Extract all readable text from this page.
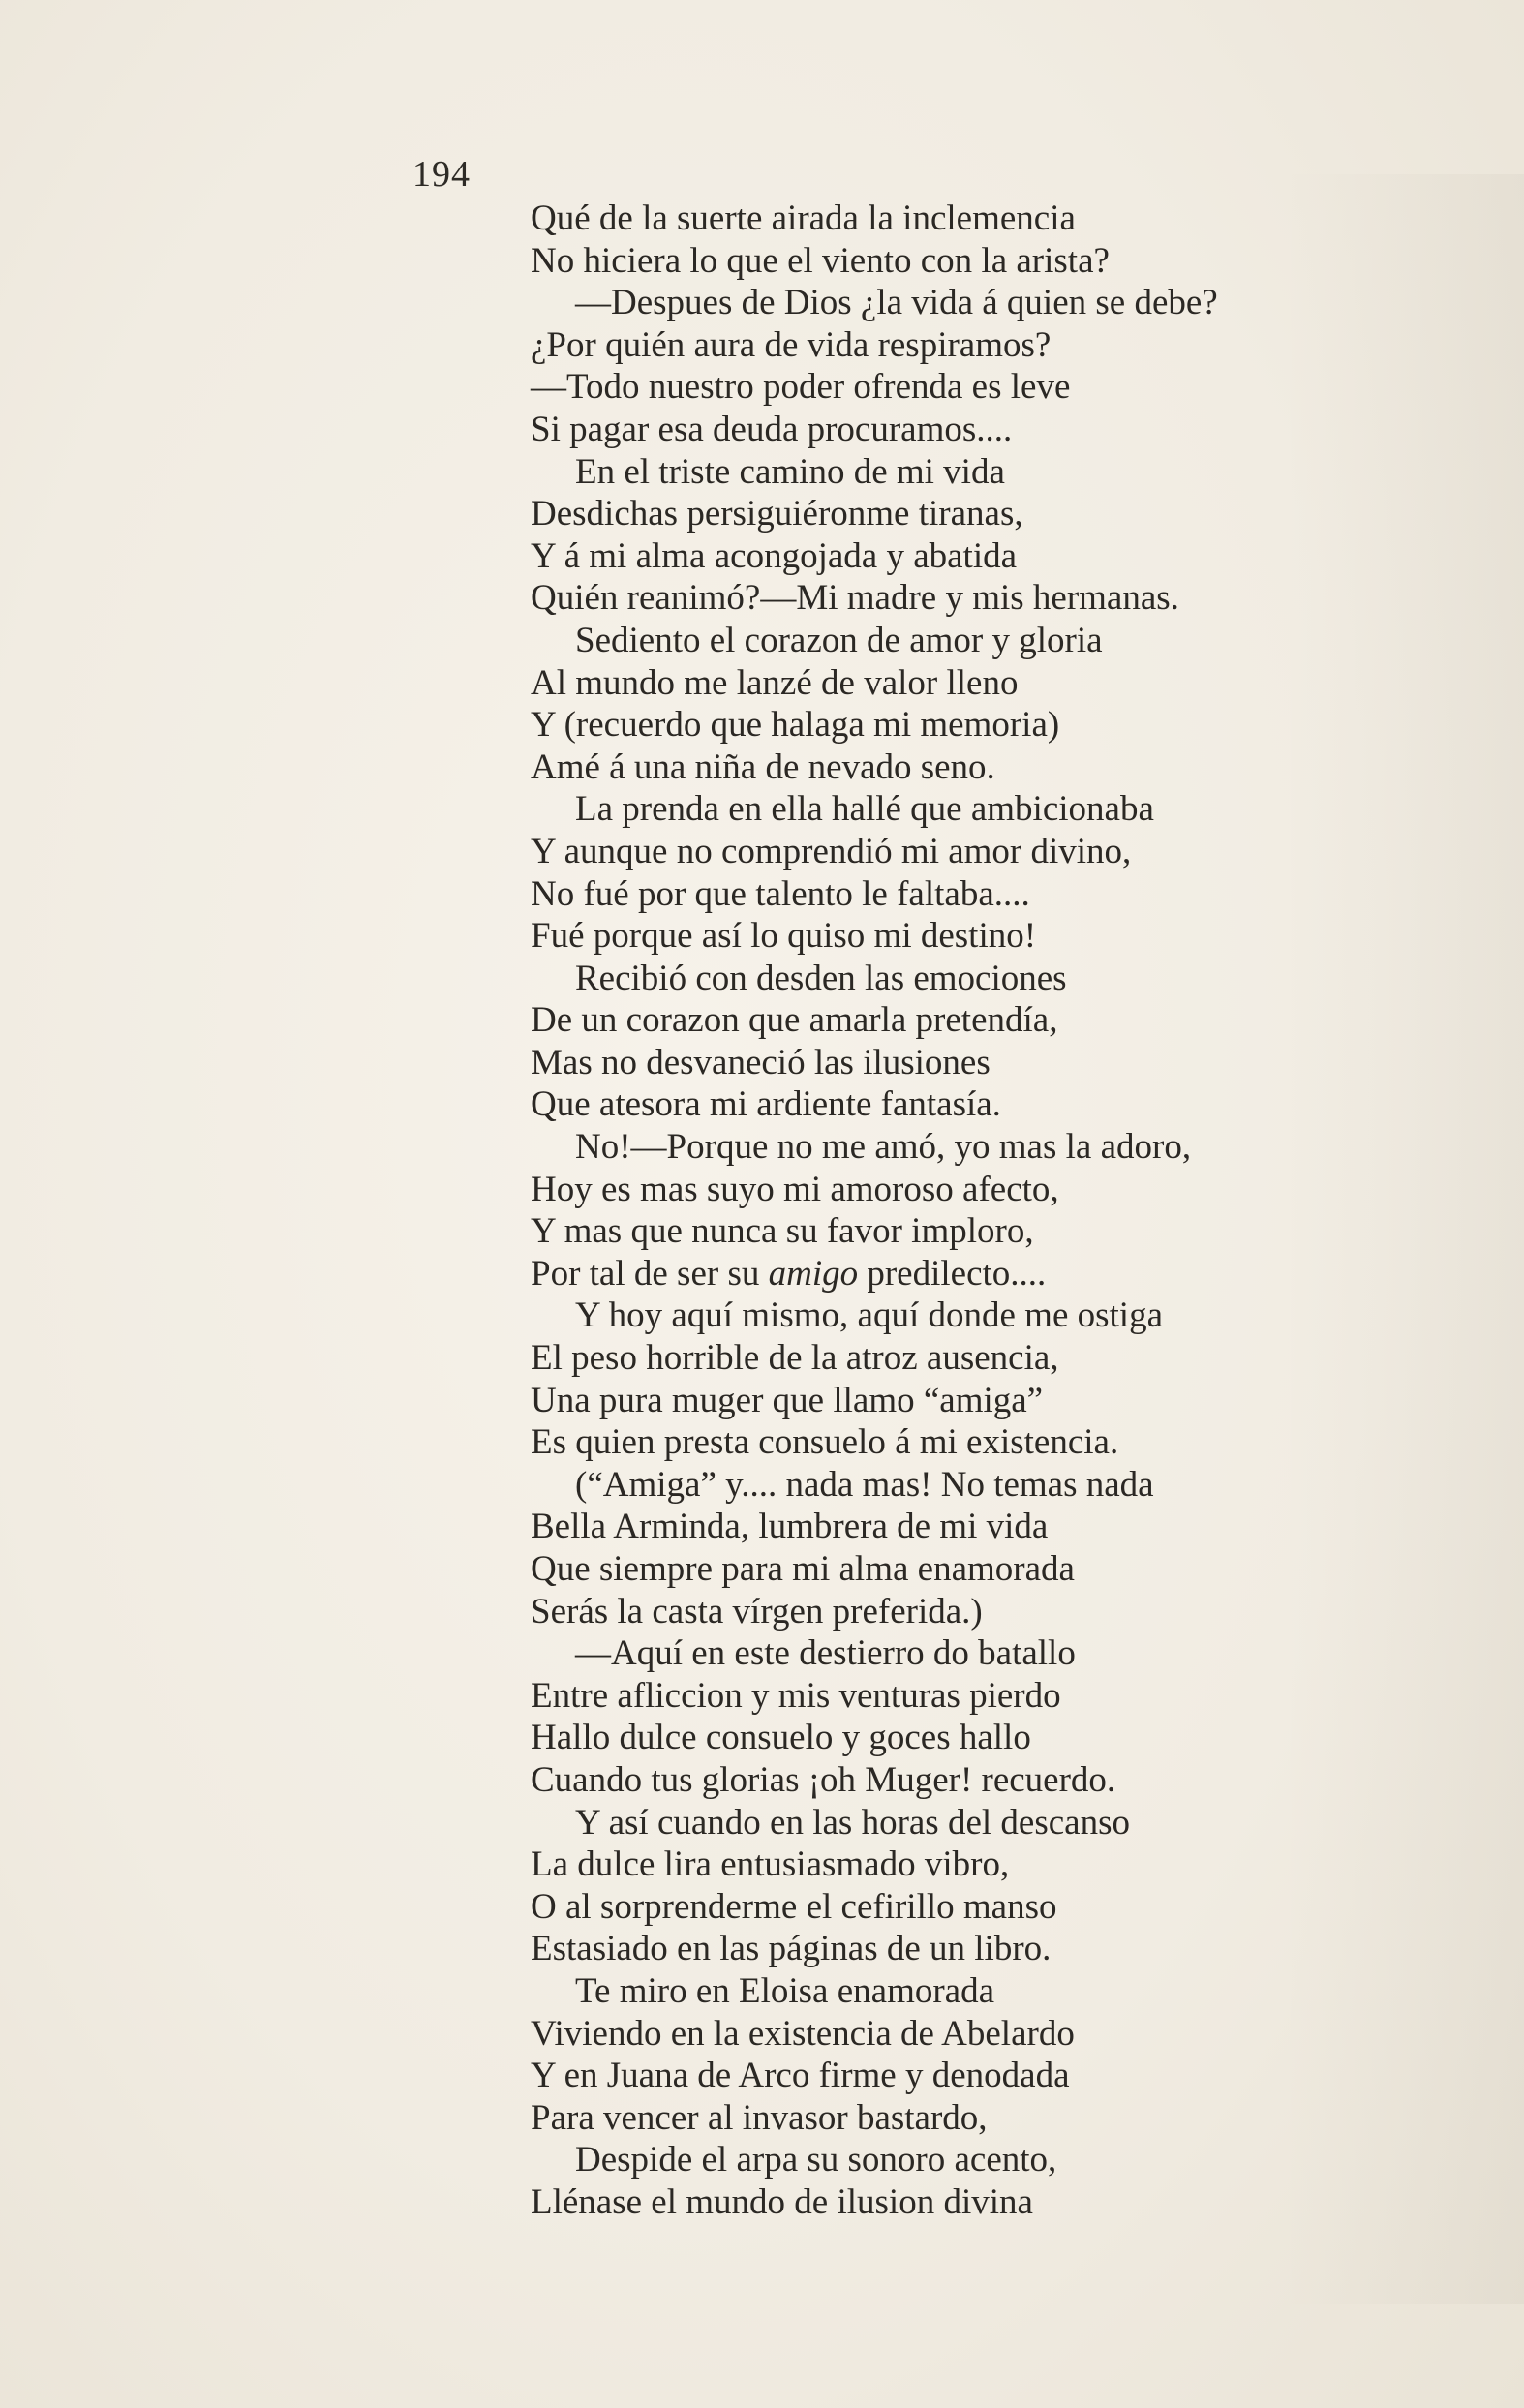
194
Qué de la suerte airada la inclemencia
No hiciera lo que el viento con la arista?
—Despues de Dios ¿la vida á quien se debe?
¿Por quién aura de vida respiramos?
—Todo nuestro poder ofrenda es leve
Si pagar esa deuda procuramos....
En el triste camino de mi vida
Desdichas persiguiéronme tiranas,
Y á mi alma acongojada y abatida
Quién reanimó?—Mi madre y mis hermanas.
Sediento el corazon de amor y gloria
Al mundo me lanzé de valor lleno
Y (recuerdo que halaga mi memoria)
Amé á una niña de nevado seno.
La prenda en ella hallé que ambicionaba
Y aunque no comprendió mi amor divino,
No fué por que talento le faltaba....
Fué porque así lo quiso mi destino!
Recibió con desden las emociones
De un corazon que amarla pretendía,
Mas no desvaneció las ilusiones
Que atesora mi ardiente fantasía.
No!—Porque no me amó, yo mas la adoro,
Hoy es mas suyo mi amoroso afecto,
Y mas que nunca su favor imploro,
Por tal de ser su amigo predilecto....
Y hoy aquí mismo, aquí donde me ostiga
El peso horrible de la atroz ausencia,
Una pura muger que llamo “amiga”
Es quien presta consuelo á mi existencia.
(“Amiga” y.... nada mas! No temas nada
Bella Arminda, lumbrera de mi vida
Que siempre para mi alma enamorada
Serás la casta vírgen preferida.)
—Aquí en este destierro do batallo
Entre afliccion y mis venturas pierdo
Hallo dulce consuelo y goces hallo
Cuando tus glorias ¡oh Muger! recuerdo.
Y así cuando en las horas del descanso
La dulce lira entusiasmado vibro,
O al sorprenderme el cefirillo manso
Estasiado en las páginas de un libro.
Te miro en Eloisa enamorada
Viviendo en la existencia de Abelardo
Y en Juana de Arco firme y denodada
Para vencer al invasor bastardo,
Despide el arpa su sonoro acento,
Llénase el mundo de ilusion divina
